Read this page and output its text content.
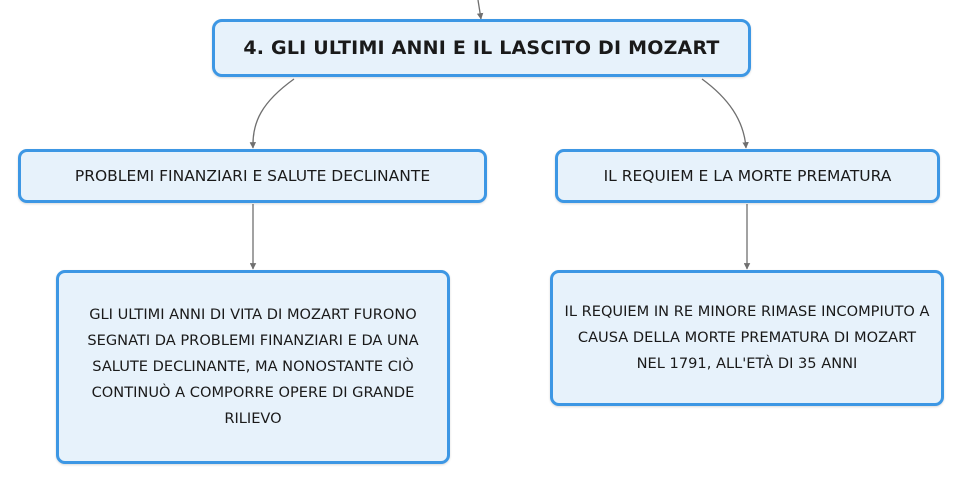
4. GLI ULTIMI ANNI E IL LASCITO DI MOZART
PROBLEMI FINANZIARI E SALUTE DECLINANTE	IL REQUIEM E LA MORTE PREMATURA
GLI ULTIMI ANNI DI VITA DI MOZART FURONO SEGNATI DA PROBLEMI FINANZIARI E DA UNA SALUTE DECLINANTE, MA NONOSTANTE CIÒ CONTINUÒ A COMPORRE OPERE DI GRANDE RILIEVO
IL REQUIEM IN RE MINORE RIMASE INCOMPIUTO A CAUSA DELLA MORTE PREMATURA DI MOZART NEL 1791, ALL'ETÀ DI 35 ANNI
